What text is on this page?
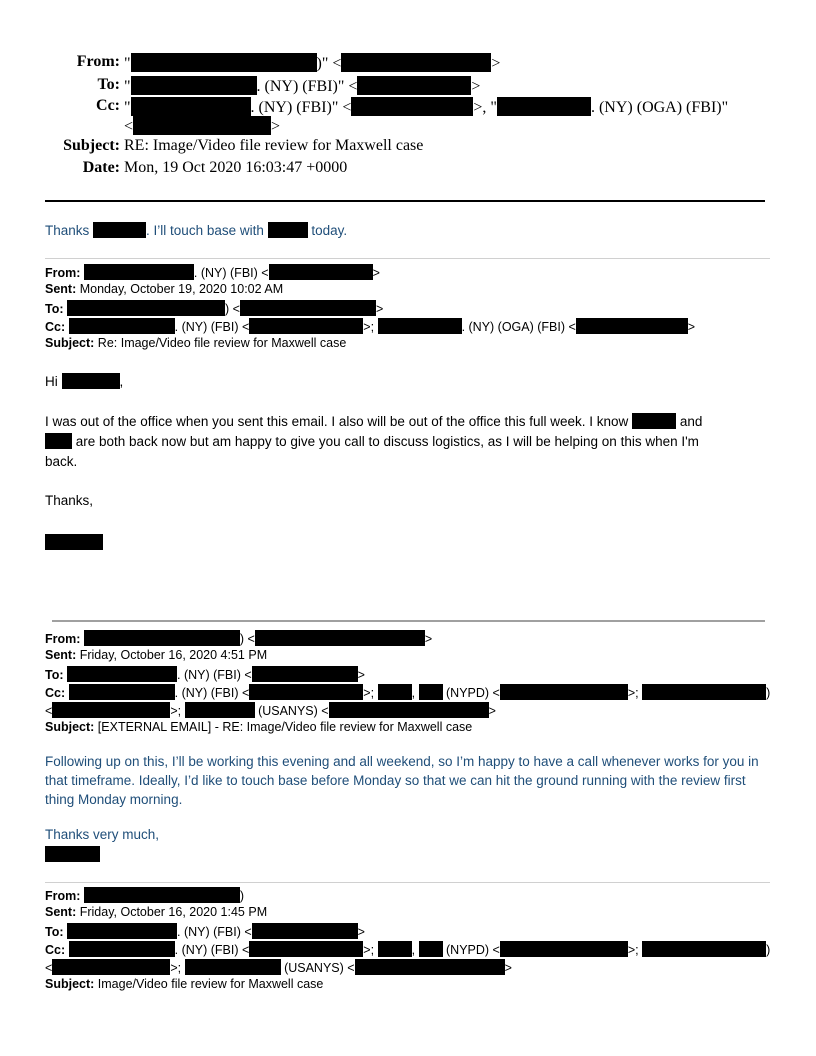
From: "	)" <	>
To: "	. (NY) (FBI)" <	>
Cc: "	. (NY) (FBI)" <	>, "	. (NY) (OGA) (FBI)"
<	>
Subject: RE: Image/Video file review for Maxwell case
Date: Mon, 19 Oct 2020 16:03:47 +0000
Thanks	. I’ll touch base with	today.
From:	. (NY) (FBI) <	>
Sent: Monday, October 19, 2020 10:02 AM
To:	) <	>
Cc:	. (NY) (FBI) <	>;	. (NY) (OGA) (FBI) <	>
Subject: Re: Image/Video file review for Maxwell case
Hi	,
I was out of the office when you sent this email. I also will be out of the office this full week. I know	and
are both back now but am happy to give you call to discuss logistics, as I will be helping on this when I'm
back.
Thanks,
From:	) <	>
Sent: Friday, October 16, 2020 4:51 PM
To:	. (NY) (FBI) <	>
Cc:	. (NY) (FBI) <	>;	, (NYPD) <	>;	)
<	>;	(USANYS) <	>
Subject: [EXTERNAL EMAIL] - RE: Image/Video file review for Maxwell case
Following up on this, I’ll be working this evening and all weekend, so I’m happy to have a call whenever works for you in
that timeframe. Ideally, I’d like to touch base before Monday so that we can hit the ground running with the review first
thing Monday morning.
Thanks very much,
From:	)
Sent: Friday, October 16, 2020 1:45 PM
To:	. (NY) (FBI) <	>
Cc:	. (NY) (FBI) <	>;	, (NYPD) <	>;	)
<	>;	(USANYS) <	>
Subject: Image/Video file review for Maxwell case
